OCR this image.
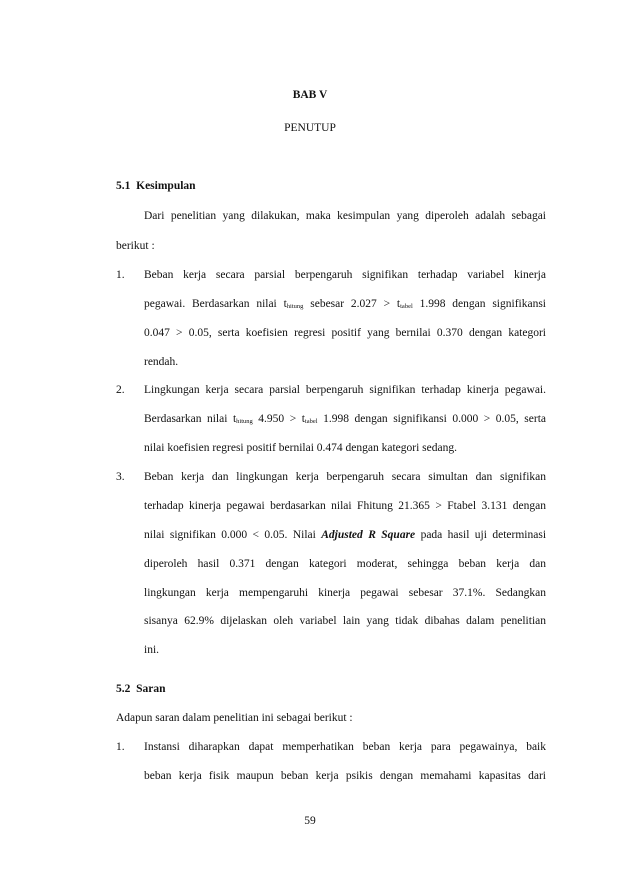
BAB V
PENUTUP
5.1  Kesimpulan
Dari penelitian yang dilakukan, maka kesimpulan yang diperoleh adalah sebagai
berikut :
1. Beban kerja secara parsial berpengaruh signifikan terhadap variabel kinerja
pegawai. Berdasarkan nilai $t_{hitung}$ sebesar $2.027 > t_{tabel}$ 1.998 dengan signifikansi
0.047 > 0.05, serta koefisien regresi positif yang bernilai 0.370 dengan kategori
rendah.
2. Lingkungan kerja secara parsial berpengaruh signifikan terhadap kinerja pegawai.
Berdasarkan nilai $t_{hitung}$ $4.950 > t_{tabel}$ 1.998 dengan signifikansi 0.000 > 0.05, serta
nilai koefisien regresi positif bernilai 0.474 dengan kategori sedang.
3. Beban kerja dan lingkungan kerja berpengaruh secara simultan dan signifikan
terhadap kinerja pegawai berdasarkan nilai Fhitung 21.365 > Ftabel 3.131 dengan
nilai signifikan 0.000 < 0.05. Nilai Adjusted R Square pada hasil uji determinasi
diperoleh hasil 0.371 dengan kategori moderat, sehingga beban kerja dan
lingkungan kerja mempengaruhi kinerja pegawai sebesar 37.1%. Sedangkan
sisanya 62.9% dijelaskan oleh variabel lain yang tidak dibahas dalam penelitian
ini.
5.2  Saran
Adapun saran dalam penelitian ini sebagai berikut :
1. Instansi diharapkan dapat memperhatikan beban kerja para pegawainya, baik
beban kerja fisik maupun beban kerja psikis dengan memahami kapasitas dari
59
